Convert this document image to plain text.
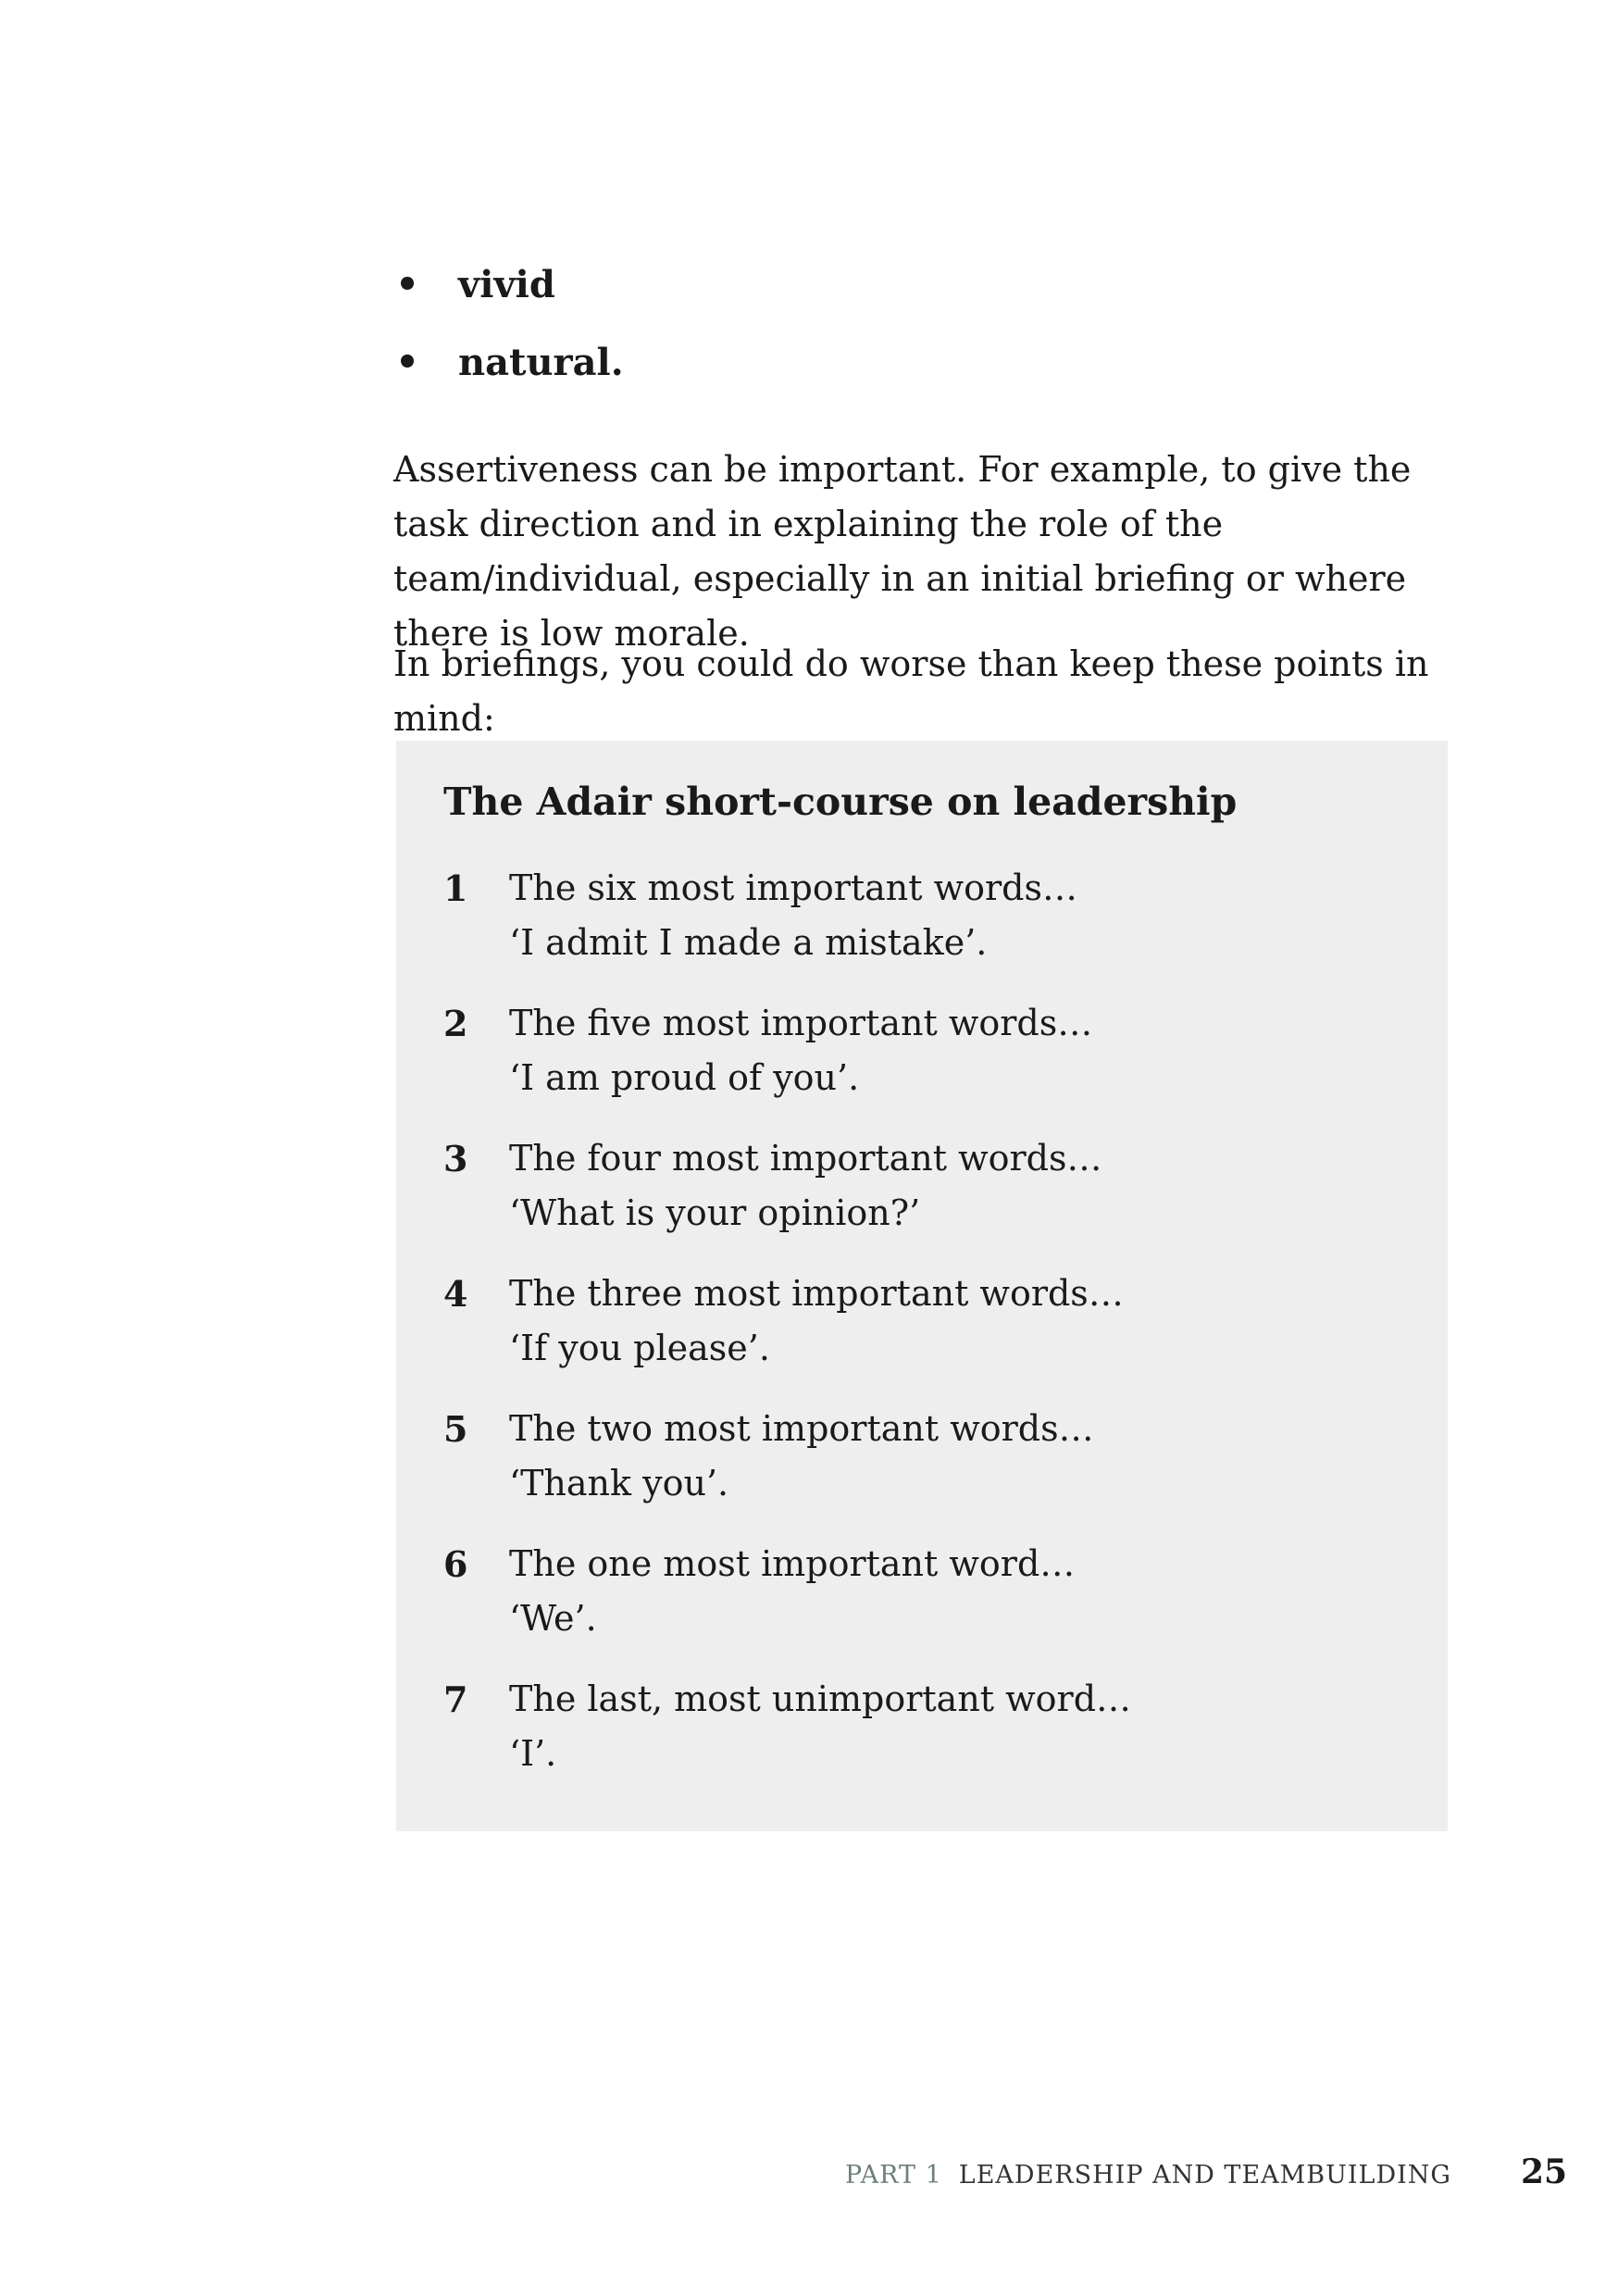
• vivid
• natural.

Assertiveness can be important. For example, to give the task direction and in explaining the role of the team/individual, especially in an initial briefing or where there is low morale.

In briefings, you could do worse than keep these points in mind:

The Adair short-course on leadership
1 The six most important words…
‘I admit I made a mistake’.
2 The five most important words…
‘I am proud of you’.
3 The four most important words…
‘What is your opinion?’
4 The three most important words…
‘If you please’.
5 The two most important words…
‘Thank you’.
6 The one most important word…
‘We’.
7 The last, most unimportant word…
‘I’.
PART 1 LEADERSHIP AND TEAMBUILDING 25
